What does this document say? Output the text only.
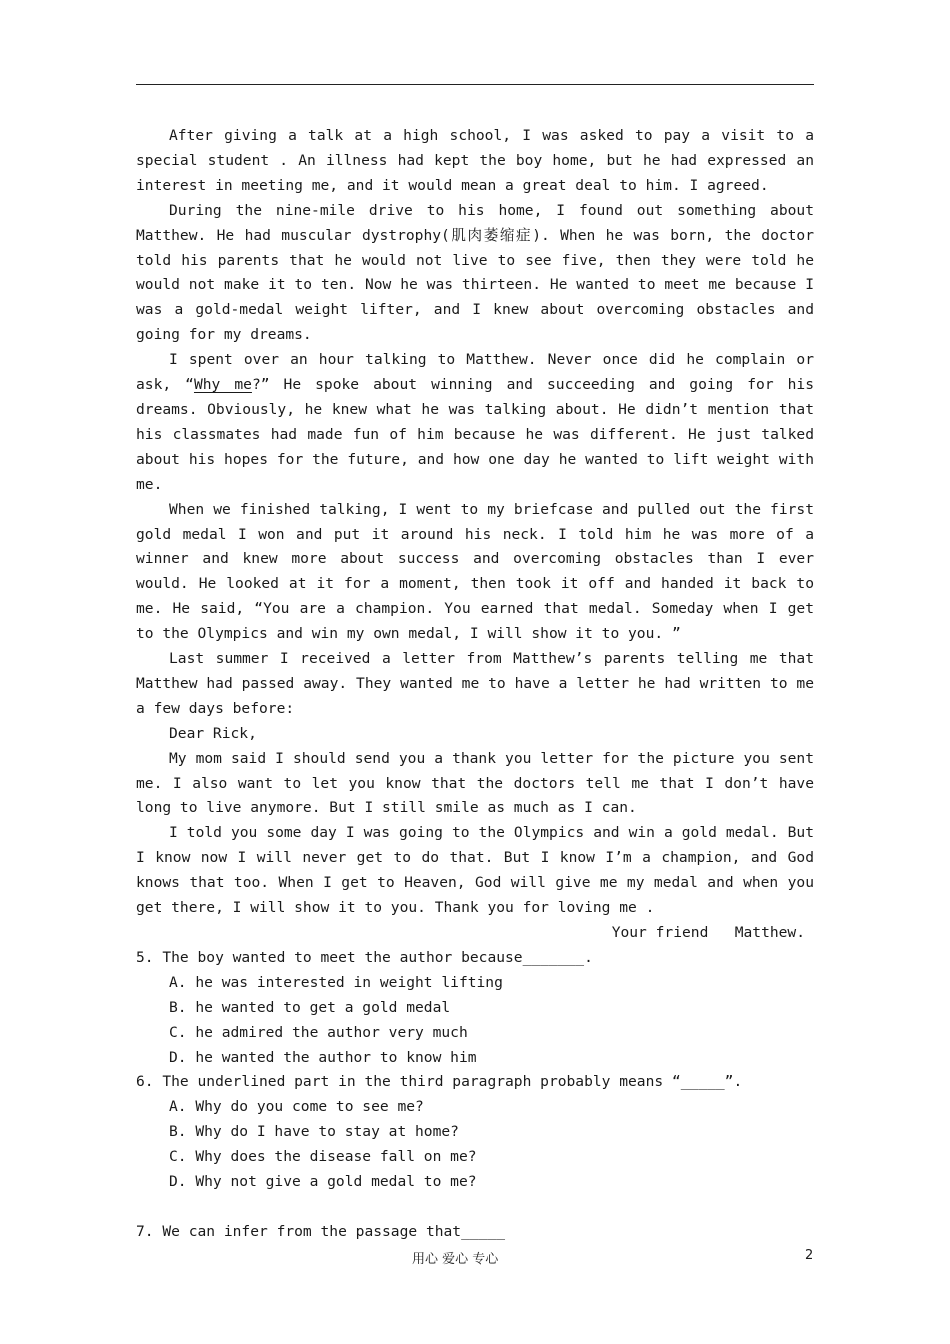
After giving a talk at a high school, I was asked to pay a visit to a special student . An illness had kept the boy home, but he had expressed an interest in meeting me, and it would mean a great deal to him. I agreed.

During the nine-mile drive to his home, I found out something about Matthew. He had muscular dystrophy(肌肉萎缩症). When he was born, the doctor told his parents that he would not live to see five, then they were told he would not make it to ten. Now he was thirteen. He wanted to meet me because I was a gold-medal weight lifter, and I knew about overcoming obstacles and going for my dreams.

I spent over an hour talking to Matthew. Never once did he complain or ask, “Why me?” He spoke about winning and succeeding and going for his dreams. Obviously, he knew what he was talking about. He didn’t mention that his classmates had made fun of him because he was different. He just talked about his hopes for the future, and how one day he wanted to lift weight with me.

When we finished talking, I went to my briefcase and pulled out the first gold medal I won and put it around his neck. I told him he was more of a winner and knew more about success and overcoming obstacles than I ever would. He looked at it for a moment, then took it off and handed it back to me. He said, “You are a champion. You earned that medal. Someday when I get to the Olympics and win my own medal, I will show it to you. ”

Last summer I received a letter from Matthew’s parents telling me that Matthew had passed away. They wanted me to have a letter he had written to me a few days before:

Dear Rick,

My mom said I should send you a thank you letter for the picture you sent me. I also want to let you know that the doctors tell me that I don’t have long to live anymore. But I still smile as much as I can.

I told you some day I was going to the Olympics and win a gold medal. But I know now I will never get to do that. But I know I’m a champion, and God knows that too. When I get to Heaven, God will give me my medal and when you get there, I will show it to you. Thank you for loving me .

Your friend   Matthew.

5. The boy wanted to meet the author because_______.

A. he was interested in weight lifting

B. he wanted to get a gold medal

C. he admired the author very much

D. he wanted the author to know him

6. The underlined part in the third paragraph probably means “_____”.

A. Why do you come to see me?

B. Why do I have to stay at home?

C. Why does the disease fall on me?

D. Why not give a gold medal to me?

7. We can infer from the passage that_____

用心 爱心 专心	2
